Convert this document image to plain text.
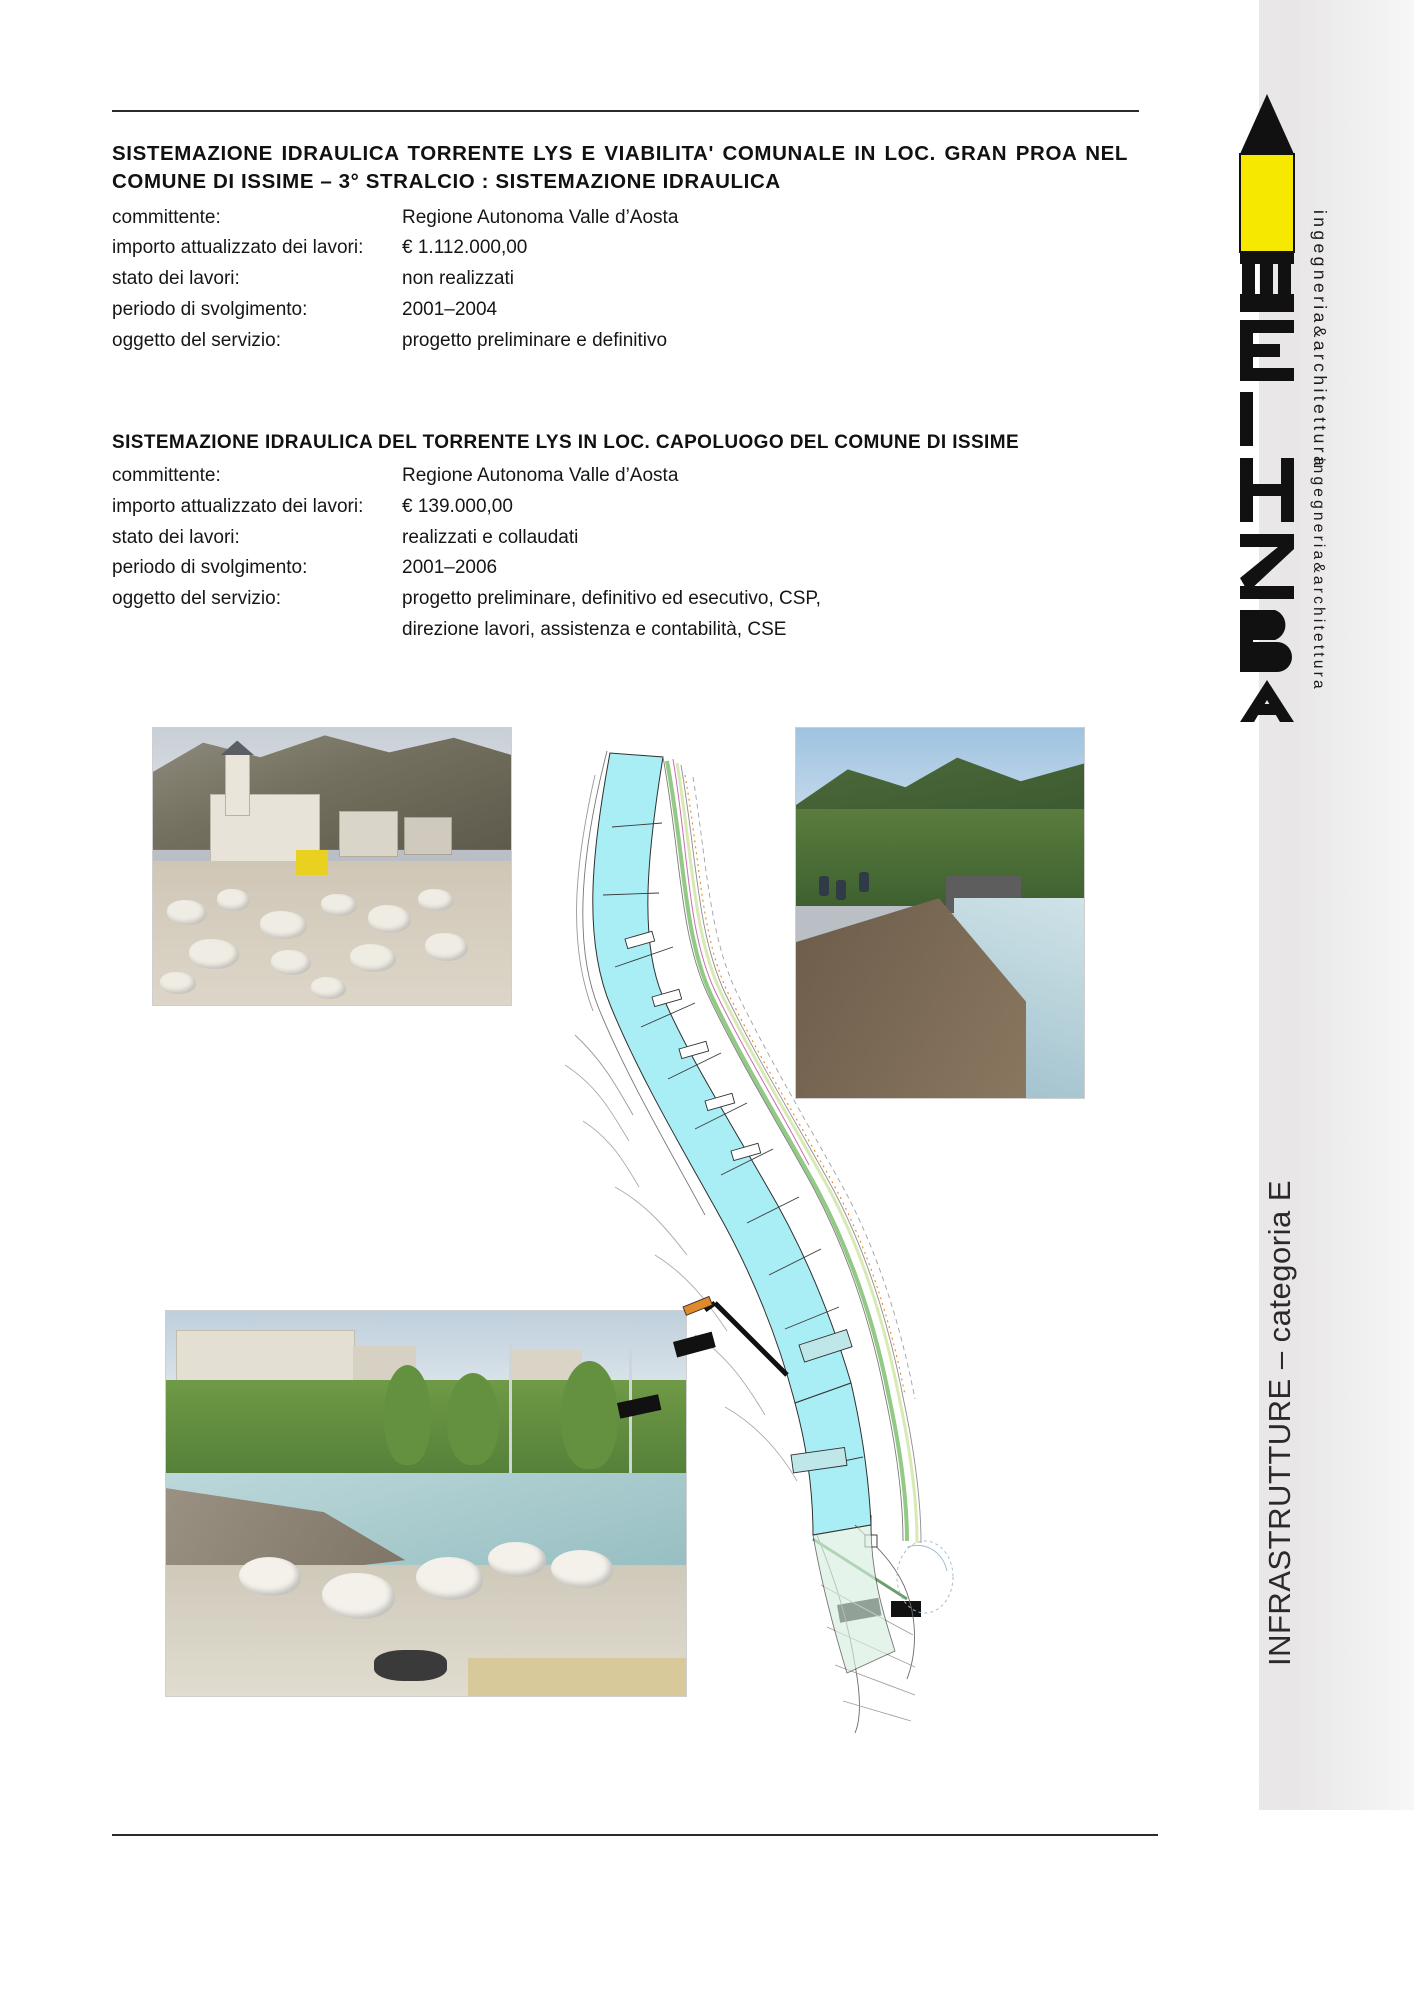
SISTEMAZIONE IDRAULICA TORRENTE LYS E VIABILITA' COMUNALE IN LOC. GRAN PROA NEL
COMUNE DI ISSIME – 3° STRALCIO : SISTEMAZIONE IDRAULICA
committente:	Regione Autonoma Valle d’Aosta
importo attualizzato dei lavori:	€ 1.112.000,00
stato dei lavori:	non realizzati
periodo di svolgimento:	2001–2004
oggetto del servizio:	progetto preliminare e definitivo
SISTEMAZIONE IDRAULICA DEL TORRENTE LYS IN LOC. CAPOLUOGO DEL COMUNE DI ISSIME
committente:	Regione Autonoma Valle d’Aosta
importo attualizzato dei lavori:	€ 139.000,00
stato dei lavori:	realizzati e collaudati
periodo di svolgimento:	2001–2006
oggetto del servizio:	progetto preliminare, definitivo ed esecutivo, CSP,
direzione lavori, assistenza e contabilità, CSE
ingegneria&architettura
ingegneria&architettura
INFRASTRUTTURE – categoria E
